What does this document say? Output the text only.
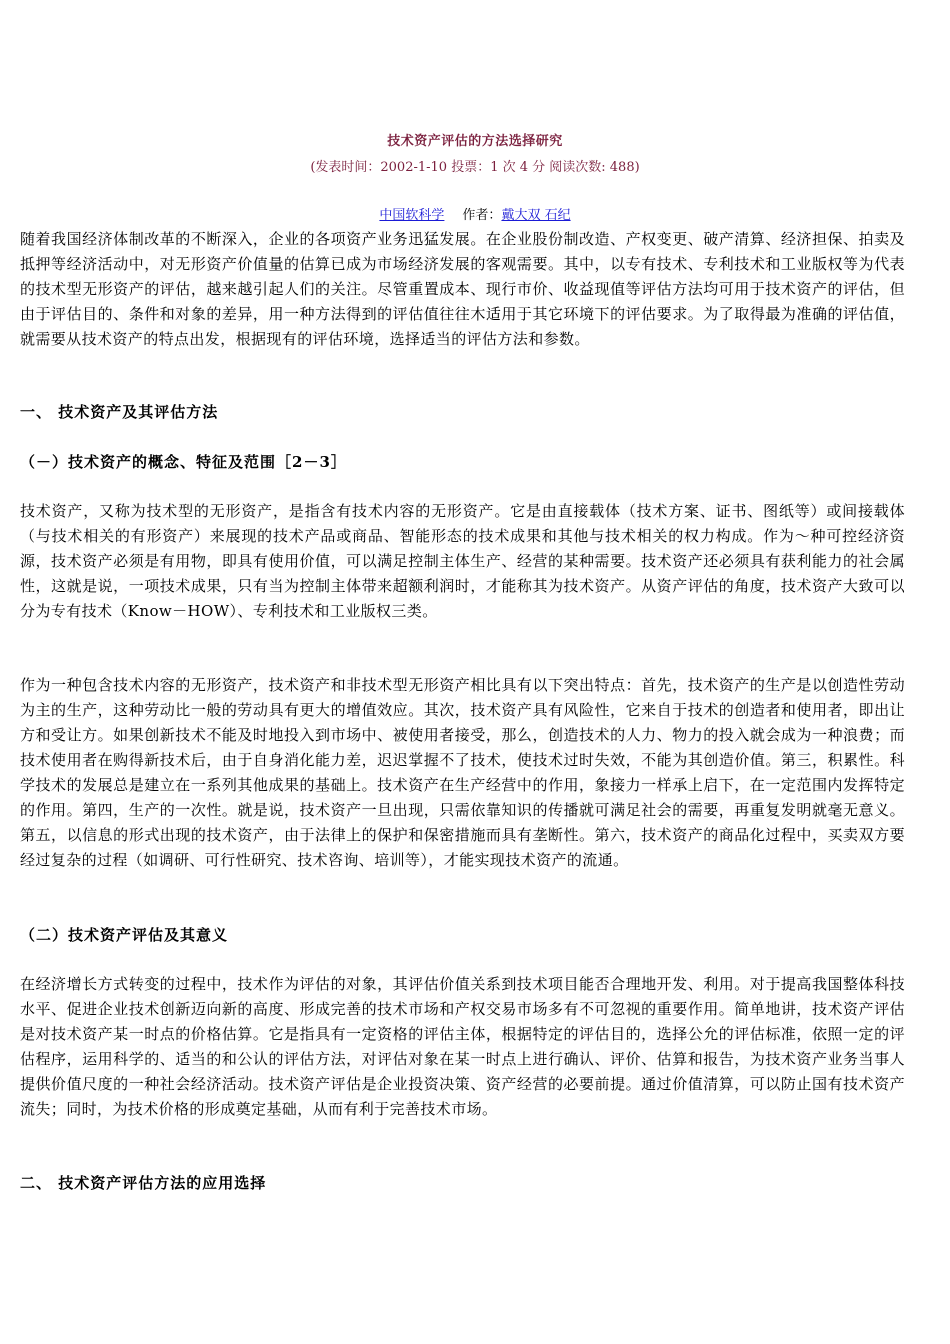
技术资产评估的方法选择研究
(发表时间：2002-1-10 投票：1 次 4 分 阅读次数: 488)
中国软科学 作者：戴大双 石纪
随着我国经济体制改革的不断深入，企业的各项资产业务迅猛发展。在企业股份制改造、产权变更、破产清算、经济担保、拍卖及抵押等经济活动中，对无形资产价值量的估算已成为市场经济发展的客观需要。其中，以专有技术、专利技术和工业版权等为代表的技术型无形资产的评估，越来越引起人们的关注。尽管重置成本、现行市价、收益现值等评估方法均可用于技术资产的评估，但由于评估目的、条件和对象的差异，用一种方法得到的评估值往往木适用于其它环境下的评估要求。为了取得最为准确的评估值，就需要从技术资产的特点出发，根据现有的评估环境，选择适当的评估方法和参数。
一、 技术资产及其评估方法
（－）技术资产的概念、特征及范围［2－3］
技术资产，又称为技术型的无形资产，是指含有技术内容的无形资产。它是由直接载体（技术方案、证书、图纸等）或间接载体（与技术相关的有形资产）来展现的技术产品或商品、智能形态的技术成果和其他与技术相关的权力构成。作为～种可控经济资源，技术资产必须是有用物，即具有使用价值，可以满足控制主体生产、经营的某种需要。技术资产还必须具有获利能力的社会属性，这就是说，一项技术成果，只有当为控制主体带来超额利润时，才能称其为技术资产。从资产评估的角度，技术资产大致可以分为专有技术（Know－HOW）、专利技术和工业版权三类。
作为一种包含技术内容的无形资产，技术资产和非技术型无形资产相比具有以下突出特点：首先，技术资产的生产是以创造性劳动为主的生产，这种劳动比一般的劳动具有更大的增值效应。其次，技术资产具有风险性，它来自于技术的创造者和使用者，即出让方和受让方。如果创新技术不能及时地投入到市场中、被使用者接受，那么，创造技术的人力、物力的投入就会成为一种浪费；而技术使用者在购得新技术后，由于自身消化能力差，迟迟掌握不了技术，使技术过时失效，不能为其创造价值。第三，积累性。科学技术的发展总是建立在一系列其他成果的基础上。技术资产在生产经营中的作用，象接力一样承上启下，在一定范围内发挥特定的作用。第四，生产的一次性。就是说，技术资产一旦出现，只需依靠知识的传播就可满足社会的需要，再重复发明就毫无意义。第五，以信息的形式出现的技术资产，由于法律上的保护和保密措施而具有垄断性。第六，技术资产的商品化过程中，买卖双方要经过复杂的过程（如调研、可行性研究、技术咨询、培训等），才能实现技术资产的流通。
（二）技术资产评估及其意义
在经济增长方式转变的过程中，技术作为评估的对象，其评估价值关系到技术项目能否合理地开发、利用。对于提高我国整体科技水平、促进企业技术创新迈向新的高度、形成完善的技术市场和产权交易市场多有不可忽视的重要作用。简单地讲，技术资产评估是对技术资产某一时点的价格估算。它是指具有一定资格的评估主体，根据特定的评估目的，选择公允的评估标准，依照一定的评估程序，运用科学的、适当的和公认的评估方法，对评估对象在某一时点上进行确认、评价、估算和报告，为技术资产业务当事人提供价值尺度的一种社会经济活动。技术资产评估是企业投资决策、资产经营的必要前提。通过价值清算，可以防止国有技术资产流失；同时，为技术价格的形成奠定基础，从而有利于完善技术市场。
二、 技术资产评估方法的应用选择
